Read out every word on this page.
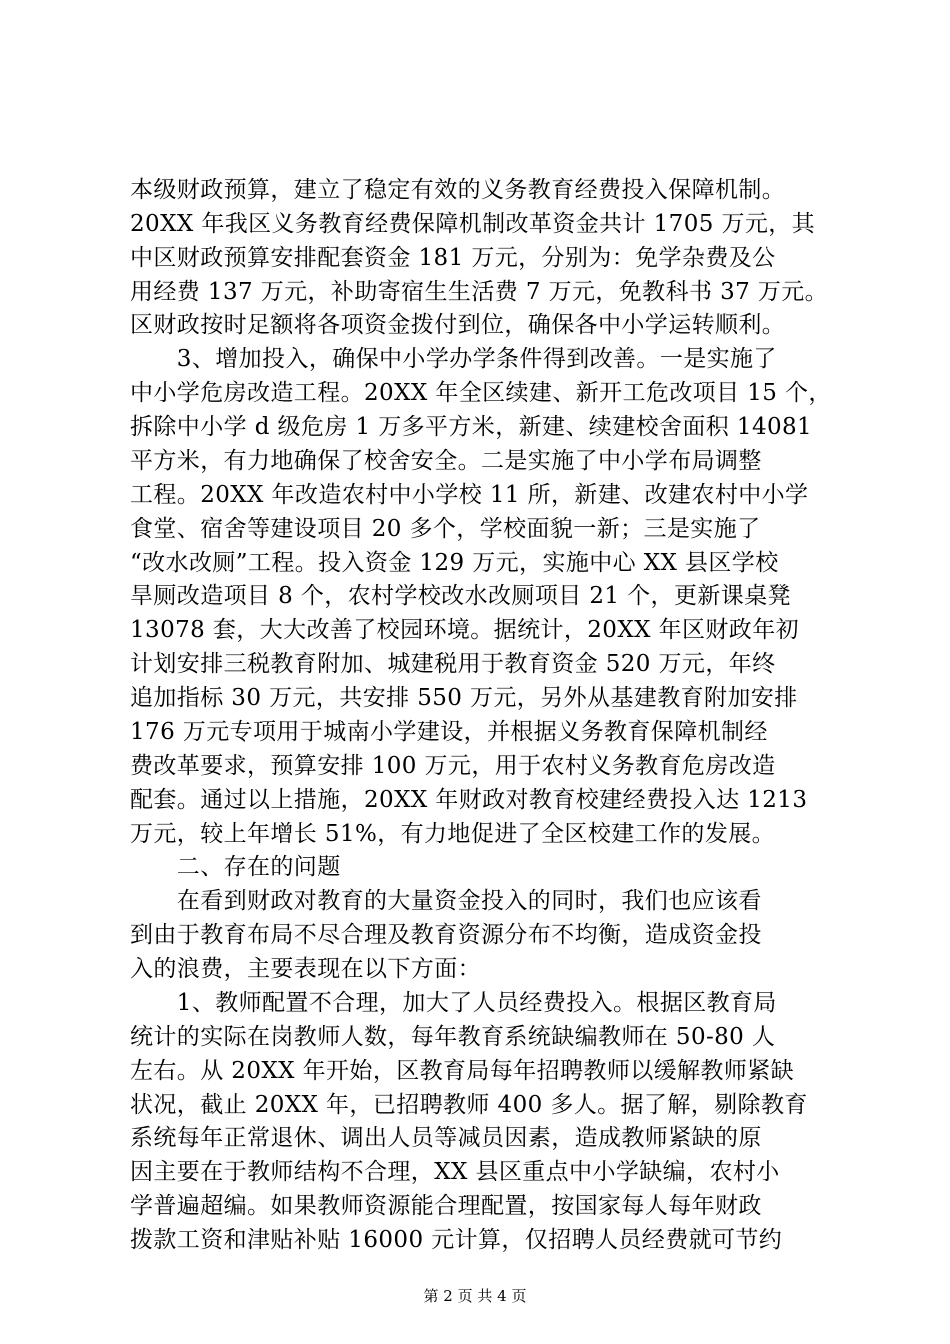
本级财政预算，建立了稳定有效的义务教育经费投入保障机制。
20XX 年我区义务教育经费保障机制改革资金共计 1705 万元，其
中区财政预算安排配套资金 181 万元，分别为：免学杂费及公
用经费 137 万元，补助寄宿生生活费 7 万元，免教科书 37 万元。
区财政按时足额将各项资金拨付到位，确保各中小学运转顺利。
　　3、增加投入，确保中小学办学条件得到改善。一是实施了
中小学危房改造工程。20XX 年全区续建、新开工危改项目 15 个，
拆除中小学 d 级危房 1 万多平方米，新建、续建校舍面积 14081
平方米，有力地确保了校舍安全。二是实施了中小学布局调整
工程。20XX 年改造农村中小学校 11 所，新建、改建农村中小学
食堂、宿舍等建设项目 20 多个，学校面貌一新；三是实施了
“改水改厕”工程。投入资金 129 万元，实施中心 XX 县区学校
旱厕改造项目 8 个，农村学校改水改厕项目 21 个，更新课桌凳
13078 套，大大改善了校园环境。据统计，20XX 年区财政年初
计划安排三税教育附加、城建税用于教育资金 520 万元，年终
追加指标 30 万元，共安排 550 万元，另外从基建教育附加安排
176 万元专项用于城南小学建设，并根据义务教育保障机制经
费改革要求，预算安排 100 万元，用于农村义务教育危房改造
配套。通过以上措施，20XX 年财政对教育校建经费投入达 1213
万元，较上年增长 51%，有力地促进了全区校建工作的发展。
　　二、存在的问题
　　在看到财政对教育的大量资金投入的同时，我们也应该看
到由于教育布局不尽合理及教育资源分布不均衡，造成资金投
入的浪费，主要表现在以下方面：
　　1、教师配置不合理，加大了人员经费投入。根据区教育局
统计的实际在岗教师人数，每年教育系统缺编教师在 50-80 人
左右。从 20XX 年开始，区教育局每年招聘教师以缓解教师紧缺
状况，截止 20XX 年，已招聘教师 400 多人。据了解，剔除教育
系统每年正常退休、调出人员等减员因素，造成教师紧缺的原
因主要在于教师结构不合理，XX 县区重点中小学缺编，农村小
学普遍超编。如果教师资源能合理配置，按国家每人每年财政
拨款工资和津贴补贴 16000 元计算，仅招聘人员经费就可节约
第 2 页 共 4 页
